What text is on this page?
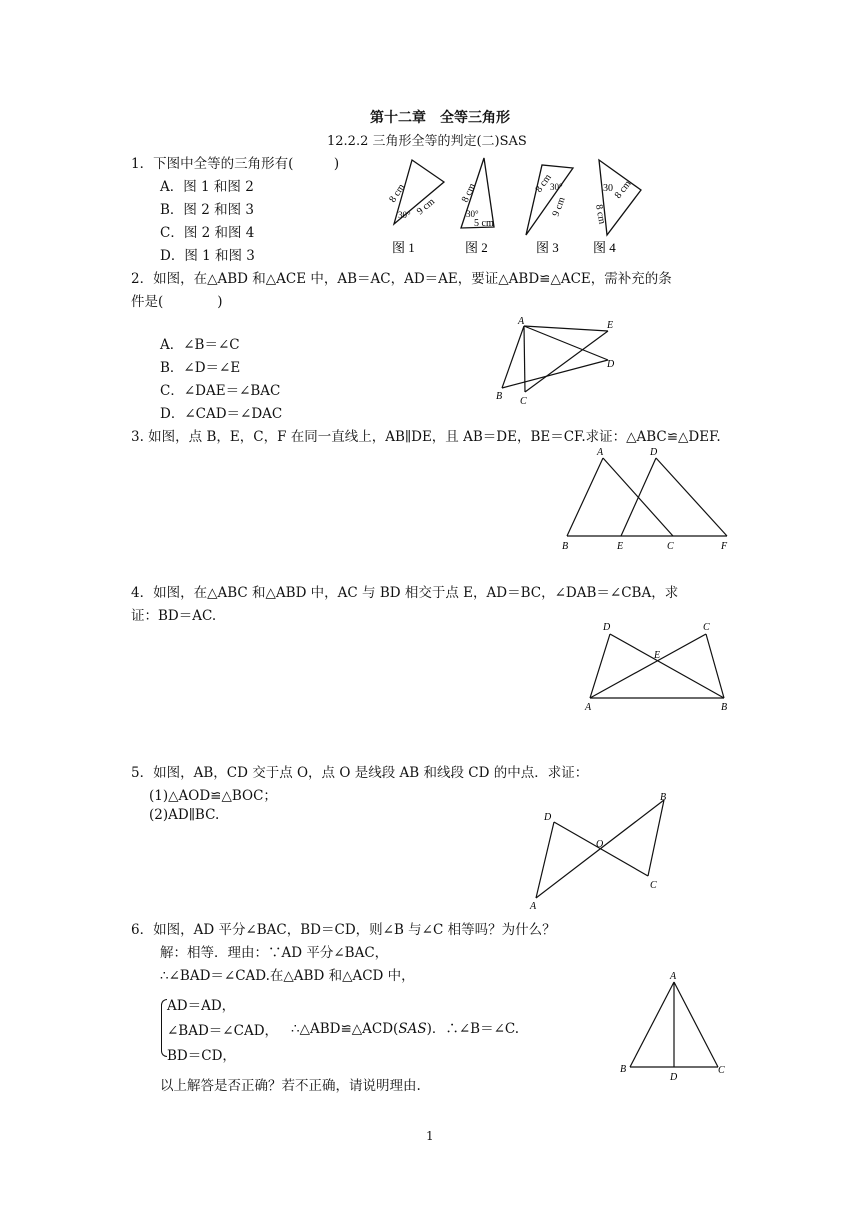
第十二章　全等三角形
12.2.2 三角形全等的判定(二)SAS
1．下图中全等的三角形有(　　　)
A．图 1 和图 2
B．图 2 和图 3
C．图 2 和图 4
D．图 1 和图 3
8 cm
9 cm
30°
8 cm
5 cm
30°
8 cm
9 cm
30°	30
8 cm
8 cm
图 1	图 2	图 3	图 4
2．如图，在△ABD 和△ACE 中，AB＝AC，AD＝AE，要证△ABD≌△ACE，需补充的条
件是(　　　　)
A．∠B＝∠C
B．∠D＝∠E
C．∠DAE＝∠BAC
D．∠CAD＝∠DAC
A	E
D
B C
3. 如图，点 B，E，C，F 在同一直线上，AB∥DE，且 AB＝DE，BE＝CF.求证：△ABC≌△DEF.
A	D
B	E	C	F
4．如图，在△ABC 和△ABD 中，AC 与 BD 相交于点 E，AD＝BC，∠DAB＝∠CBA，求
证：BD＝AC.
D	C
E
A	B
5．如图，AB，CD 交于点 O，点 O 是线段 AB 和线段 CD 的中点．求证：
(1)△AOD≌△BOC；
(2)AD∥BC.
B
D
O
C
A
6．如图，AD 平分∠BAC，BD＝CD，则∠B 与∠C 相等吗？为什么？
解：相等．理由：∵AD 平分∠BAC，
∴∠BAD＝∠CAD.在△ABD 和△ACD 中，
AD＝AD，
∠BAD＝∠CAD，
BD＝CD，
∴△ABD≌△ACD(SAS)．∴∠B＝∠C.
以上解答是否正确？若不正确，请说明理由.
A
B
D
C
1
